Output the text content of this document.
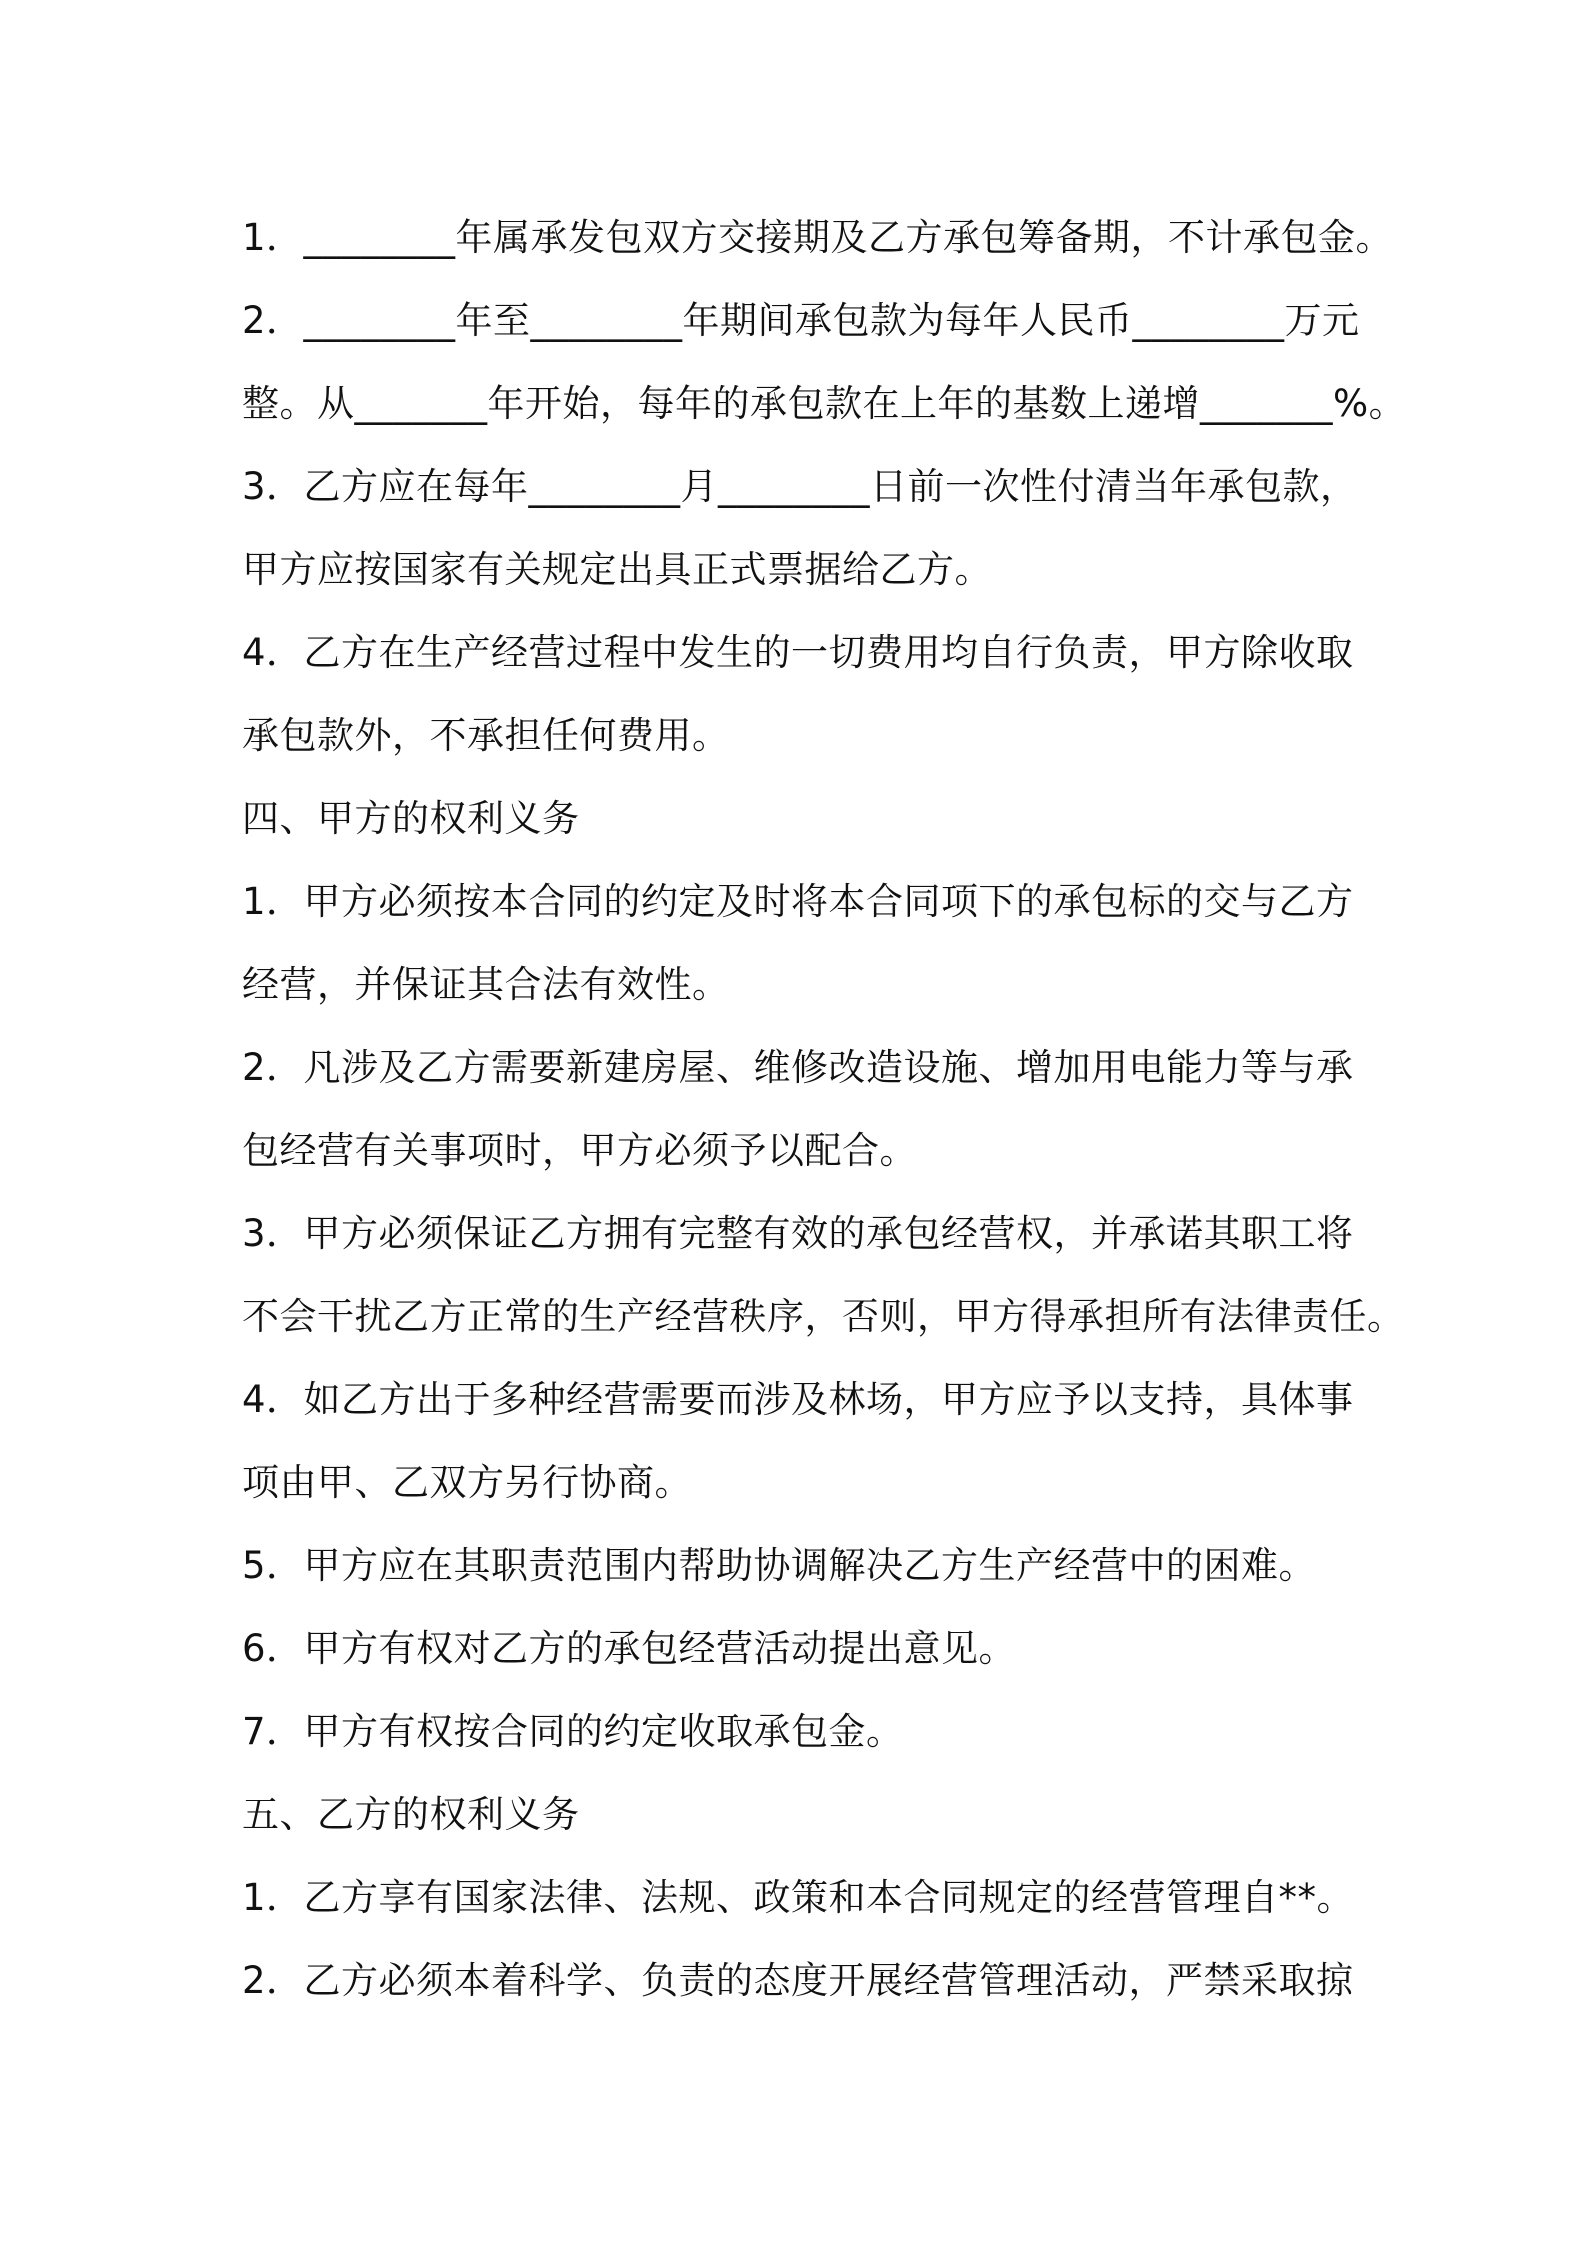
1．________年属承发包双方交接期及乙方承包筹备期，不计承包金。
2．________年至________年期间承包款为每年人民币________万元
整。从_______年开始，每年的承包款在上年的基数上递增_______%。
3．乙方应在每年________月________日前一次性付清当年承包款，
甲方应按国家有关规定出具正式票据给乙方。
4．乙方在生产经营过程中发生的一切费用均自行负责，甲方除收取
承包款外，不承担任何费用。
四、甲方的权利义务
1．甲方必须按本合同的约定及时将本合同项下的承包标的交与乙方
经营，并保证其合法有效性。
2．凡涉及乙方需要新建房屋、维修改造设施、增加用电能力等与承
包经营有关事项时，甲方必须予以配合。
3．甲方必须保证乙方拥有完整有效的承包经营权，并承诺其职工将
不会干扰乙方正常的生产经营秩序，否则，甲方得承担所有法律责任。
4．如乙方出于多种经营需要而涉及林场，甲方应予以支持，具体事
项由甲、乙双方另行协商。
5．甲方应在其职责范围内帮助协调解决乙方生产经营中的困难。
6．甲方有权对乙方的承包经营活动提出意见。
7．甲方有权按合同的约定收取承包金。
五、乙方的权利义务
1．乙方享有国家法律、法规、政策和本合同规定的经营管理自**。
2．乙方必须本着科学、负责的态度开展经营管理活动，严禁采取掠
